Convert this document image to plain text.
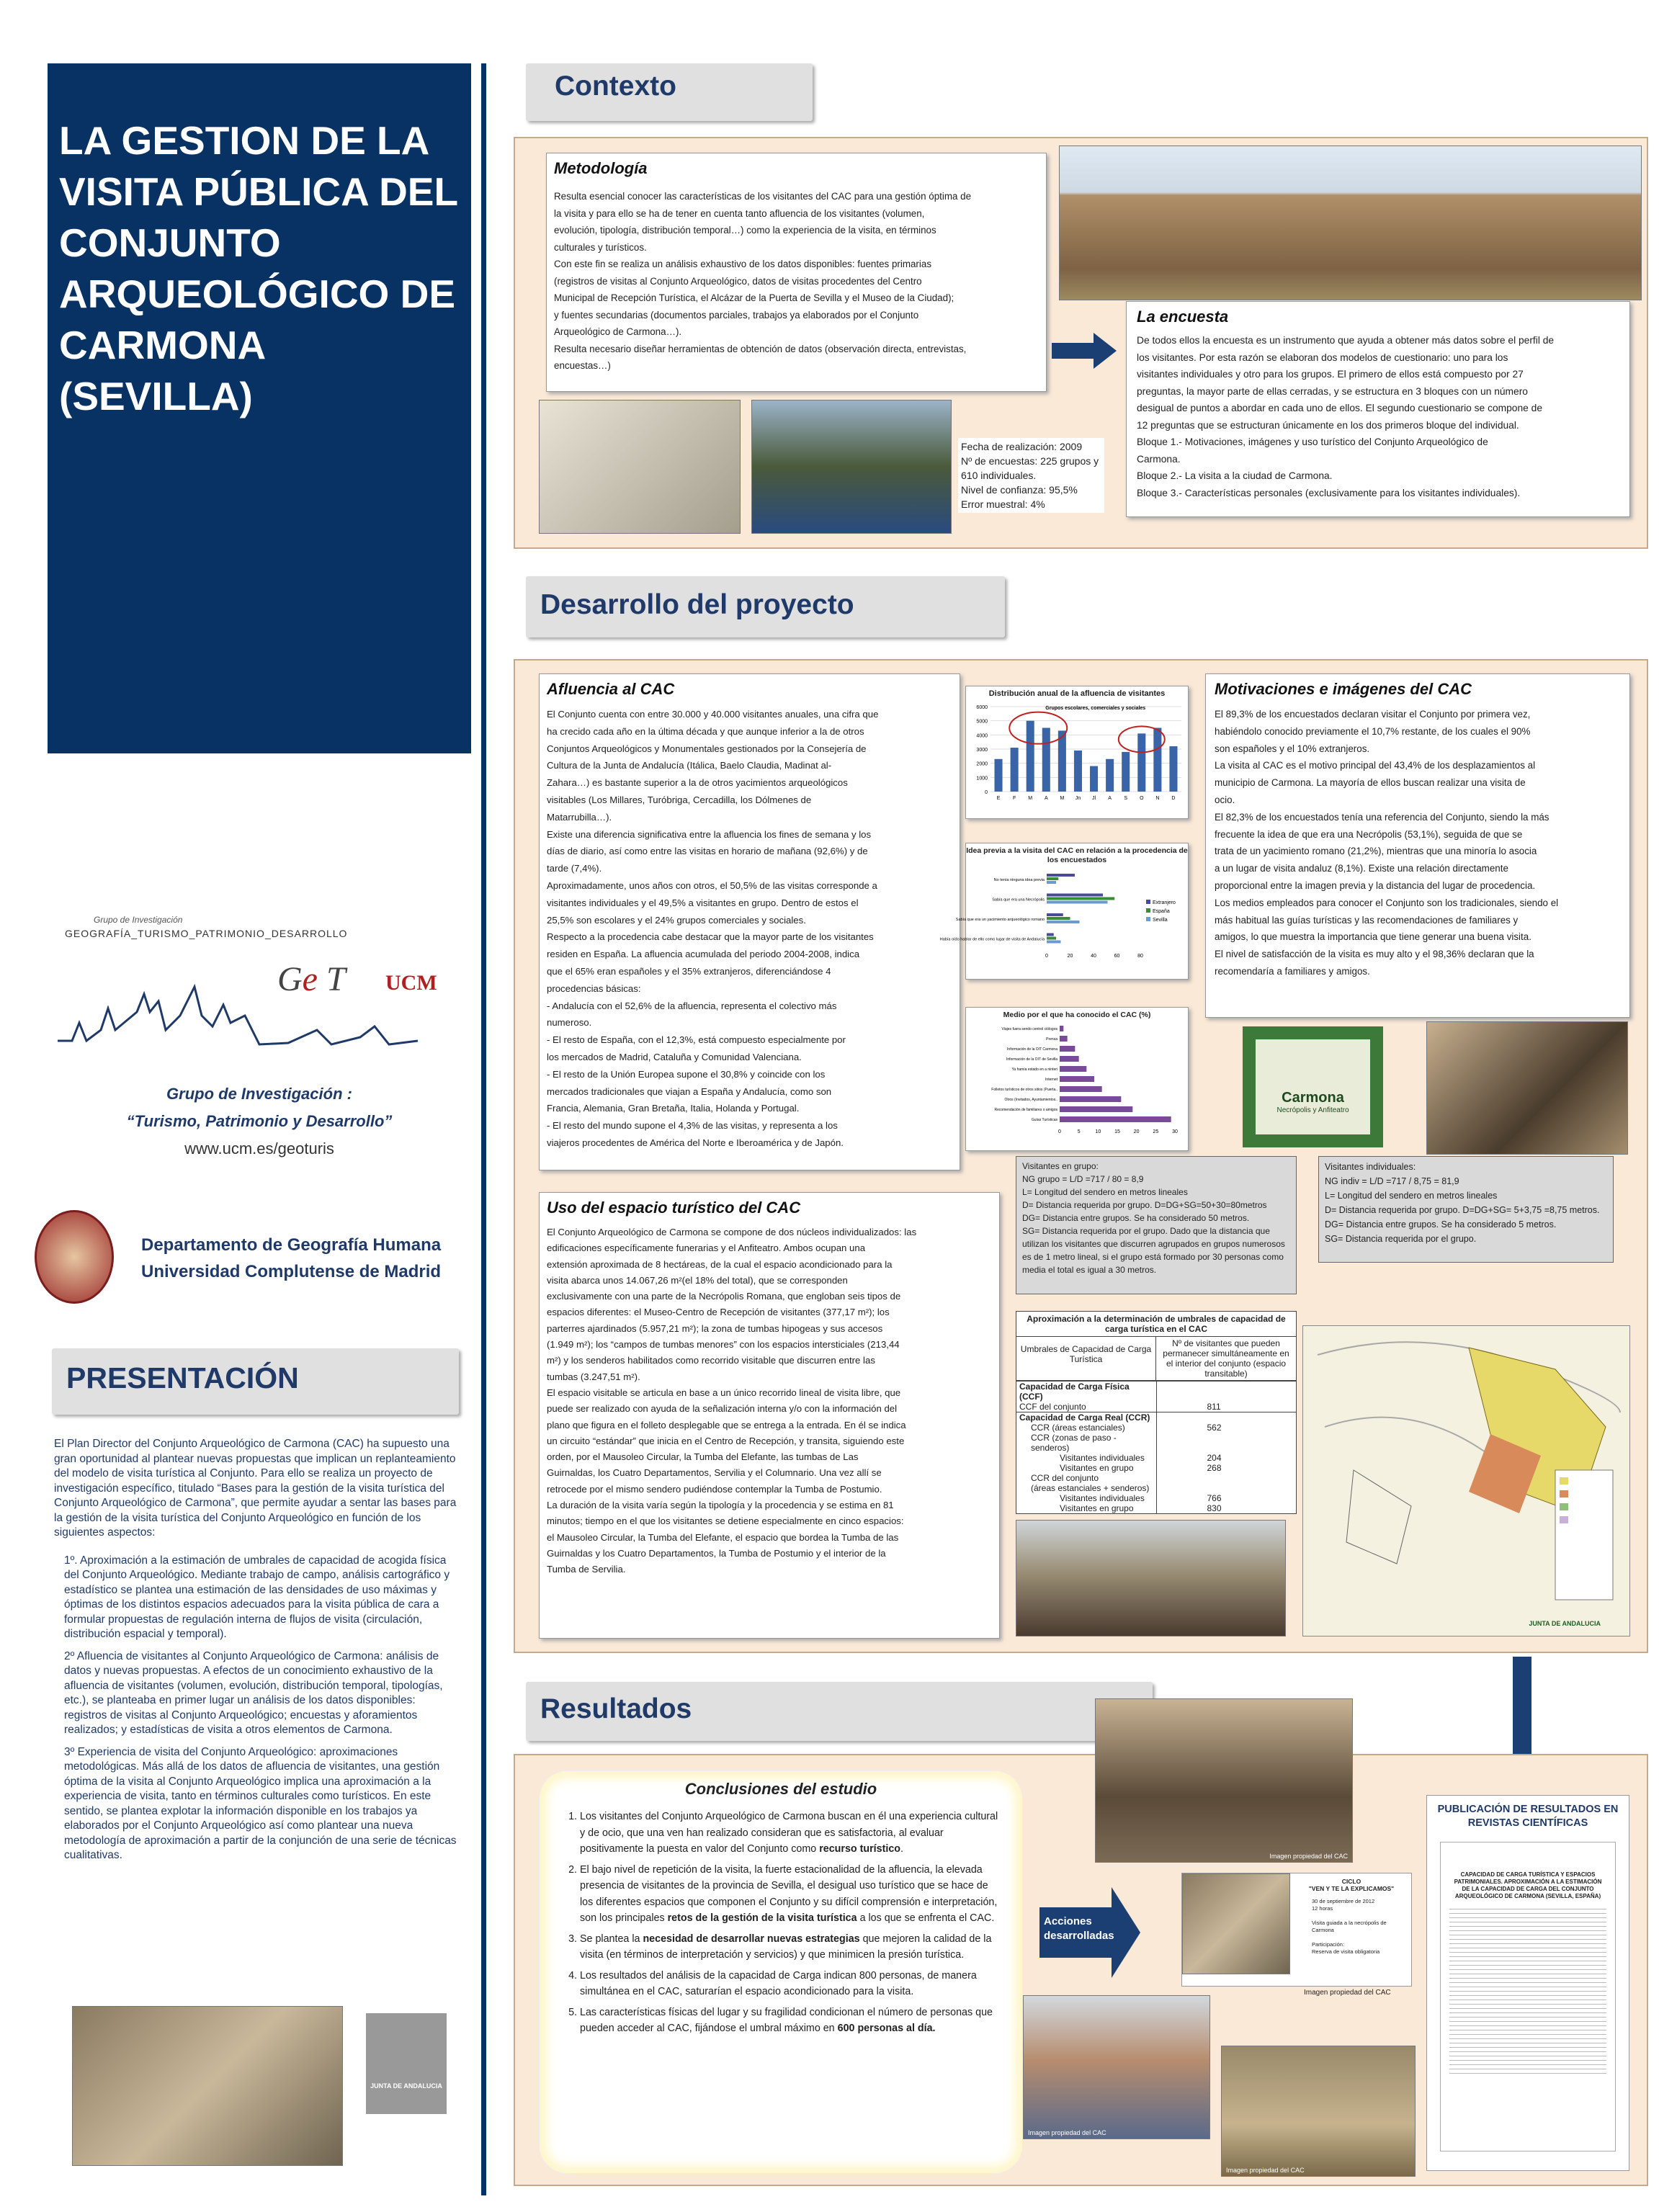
LA GESTION DE LA VISITA PÚBLICA DEL CONJUNTO ARQUEOLÓGICO DE CARMONA (SEVILLA)
Grupo de Investigación
GEOGRAFÍA_TURISMO_PATRIMONIO_DESARROLLO
UCM
Ge T
Grupo de Investigación :
“Turismo, Patrimonio y Desarrollo”
www.ucm.es/geoturis
Departamento de Geografía Humana
Universidad Complutense de Madrid
PRESENTACIÓN

El Plan Director del Conjunto Arqueológico de Carmona (CAC) ha supuesto una gran oportunidad al plantear nuevas propuestas que implican un replanteamiento del modelo de visita turística al Conjunto. Para ello se realiza un proyecto de investigación específico, titulado “Bases para la gestión de la visita turística del Conjunto Arqueológico de Carmona”, que permite ayudar a sentar las bases para la gestión de la visita turística del Conjunto Arqueológico en función de los siguientes aspectos:

1º. Aproximación a la estimación de umbrales de capacidad de acogida física del Conjunto Arqueológico. Mediante trabajo de campo, análisis cartográfico y estadístico se plantea una estimación de las densidades de uso máximas y óptimas de los distintos espacios adecuados para la visita pública de cara a formular propuestas de regulación interna de flujos de visita (circulación, distribución espacial y temporal).

2º Afluencia de visitantes al Conjunto Arqueológico de Carmona: análisis de datos y nuevas propuestas. A efectos de un conocimiento exhaustivo de la afluencia de visitantes (volumen, evolución, distribución temporal, tipologías, etc.), se planteaba en primer lugar un análisis de los datos disponibles: registros de visitas al Conjunto Arqueológico; encuestas y aforamientos realizados; y estadísticas de visita a otros elementos de Carmona.

3º Experiencia de visita del Conjunto Arqueológico: aproximaciones metodológicas. Más allá de los datos de afluencia de visitantes, una gestión óptima de la visita al Conjunto Arqueológico implica una aproximación a la experiencia de visita, tanto en términos culturales como turísticos. En este sentido, se plantea explotar la información disponible en los trabajos ya elaborados por el Conjunto Arqueológico así como plantear una nueva metodología de aproximación a partir de la conjunción de una serie de técnicas cualitativas.

JUNTA DE ANDALUCIA
Contexto
Metodología
Resulta esencial conocer las características de los visitantes del CAC para una gestión óptima de
la visita y para ello se ha de tener en cuenta tanto afluencia de los visitantes (volumen,
evolución, tipología, distribución temporal…) como la experiencia de la visita, en términos
culturales y turísticos.
Con este fin se realiza un análisis exhaustivo de los datos disponibles: fuentes primarias
(registros de visitas al Conjunto Arqueológico, datos de visitas procedentes del Centro
Municipal de Recepción Turística, el Alcázar de la Puerta de Sevilla y el Museo de la Ciudad);
y fuentes secundarias (documentos parciales, trabajos ya elaborados por el Conjunto
Arqueológico de Carmona…).
Resulta necesario diseñar herramientas de obtención de datos (observación directa, entrevistas,
encuestas…)
Fecha de realización: 2009
Nº de encuestas: 225 grupos y 610 individuales.
Nivel de confianza: 95,5%
Error muestral: 4%
La encuesta
De todos ellos la encuesta es un instrumento que ayuda a obtener más datos sobre el perfil de
los visitantes. Por esta razón se elaboran dos modelos de cuestionario: uno para los
visitantes individuales y otro para los grupos. El primero de ellos está compuesto por 27
preguntas, la mayor parte de ellas cerradas, y se estructura en 3 bloques con un número
desigual de puntos a abordar en cada uno de ellos. El segundo cuestionario se compone de
12 preguntas que se estructuran únicamente en los dos primeros bloque del individual.
Bloque 1.- Motivaciones, imágenes y uso turístico del Conjunto Arqueológico de
Carmona.
Bloque 2.- La visita a la ciudad de Carmona.
Bloque 3.- Características personales (exclusivamente para los visitantes individuales).
Desarrollo del proyecto
Afluencia al CAC
El Conjunto cuenta con entre 30.000 y 40.000 visitantes anuales, una cifra que
ha crecido cada año en la última década y que aunque inferior a la de otros
Conjuntos Arqueológicos y Monumentales gestionados por la Consejería de
Cultura de la Junta de Andalucía (Itálica, Baelo Claudia, Madinat al-
Zahara…) es bastante superior a la de otros yacimientos arqueológicos
visitables (Los Millares, Turóbriga, Cercadilla, los Dólmenes de
Matarrubilla…).
Existe una diferencia significativa entre la afluencia los fines de semana y los
días de diario, así como entre las visitas en horario de mañana (92,6%) y de
tarde (7,4%).
Aproximadamente, unos años con otros, el 50,5% de las visitas corresponde a
visitantes individuales y el 49,5% a visitantes en grupo. Dentro de estos el
25,5% son escolares y el 24% grupos comerciales y sociales.
Respecto a la procedencia cabe destacar que la mayor parte de los visitantes
residen en España. La afluencia acumulada del periodo 2004-2008, indica
que el 65% eran españoles y el 35% extranjeros, diferenciándose 4
procedencias básicas:
- Andalucía con el 52,6% de la afluencia, representa el colectivo más
numeroso.
- El resto de España, con el 12,3%, está compuesto especialmente por
los mercados de Madrid, Cataluña y Comunidad Valenciana.
- El resto de la Unión Europea supone el 30,8% y coincide con los
mercados tradicionales que viajan a España y Andalucía, como son
Francia, Alemania, Gran Bretaña, Italia, Holanda y Portugal.
- El resto del mundo supone el 4,3% de las visitas, y representa a los
viajeros procedentes de América del Norte e Iberoamérica y de Japón.
Distribución anual de la afluencia de visitantes
0
1000
2000
3000
4000
5000
6000
E	F M A M Jn Jl A S O N D
Grupos escolares, comerciales y sociales
Idea previa a la visita del CAC en relación a la procedencia de los encuestados
0	20	40	60	80
No tenía ninguna idea previa
Sabía que era una Necrópolis
Sabía que era un yacimiento arqueológico romano
Había oído hablar de ello como lugar de visita de Andalucía
Extranjero
España
Sevilla
Medio por el que ha conocido el CAC (%)
0	5	10	15	20	25	30
Viajes fuera sendo centrol ciólogos
Prensa
Información de la OIT Carmona
Información de la OIT de Sevilla
Ya hamía estado en a ninteri
Internet
Folletos turísticos de otros sitios (Puerta..
Otros (Invitados, Ayuntamientos..
Recomendación de familiares o amigos
Guías Turísticas
Motivaciones e imágenes del CAC
El 89,3% de los encuestados declaran visitar el Conjunto por primera vez,
habiéndolo conocido previamente el 10,7% restante, de los cuales el 90%
son españoles y el 10% extranjeros.
La visita al CAC es el motivo principal del 43,4% de los desplazamientos al
municipio de Carmona. La mayoría de ellos buscan realizar una visita de
ocio.
El 82,3% de los encuestados tenía una referencia del Conjunto, siendo la más
frecuente la idea de que era una Necrópolis (53,1%), seguida de que se
trata de un yacimiento romano (21,2%), mientras que una minoría lo asocia
a un lugar de visita andaluz (8,1%). Existe una relación directamente
proporcional entre la imagen previa y la distancia del lugar de procedencia.
Los medios empleados para conocer el Conjunto son los tradicionales, siendo el
más habitual las guías turísticas y las recomendaciones de familiares y
amigos, lo que muestra la importancia que tiene generar una buena visita.
El nivel de satisfacción de la visita es muy alto y el 98,36% declaran que la
recomendaría a familiares y amigos.
Carmona
Necrópolis y Anfiteatro
Uso del espacio turístico del CAC
El Conjunto Arqueológico de Carmona se compone de dos núcleos individualizados: las
edificaciones específicamente funerarias y el Anfiteatro. Ambos ocupan una
extensión aproximada de 8 hectáreas, de la cual el espacio acondicionado para la
visita abarca unos 14.067,26 m²(el 18% del total), que se corresponden
exclusivamente con una parte de la Necrópolis Romana, que engloban seis tipos de
espacios diferentes: el Museo-Centro de Recepción de visitantes (377,17 m²); los
parterres ajardinados (5.957,21 m²); la zona de tumbas hipogeas y sus accesos
(1.949 m²); los “campos de tumbas menores” con los espacios intersticiales (213,44
m²) y los senderos habilitados como recorrido visitable que discurren entre las
tumbas (3.247,51 m²).
El espacio visitable se articula en base a un único recorrido lineal de visita libre, que
puede ser realizado con ayuda de la señalización interna y/o con la información del
plano que figura en el folleto desplegable que se entrega a la entrada. En él se indica
un circuito “estándar” que inicia en el Centro de Recepción, y transita, siguiendo este
orden, por el Mausoleo Circular, la Tumba del Elefante, las tumbas de Las
Guirnaldas, los Cuatro Departamentos, Servilia y el Columnario. Una vez allí se
retrocede por el mismo sendero pudiéndose contemplar la Tumba de Postumio.
La duración de la visita varía según la tipología y la procedencia y se estima en 81
minutos; tiempo en el que los visitantes se detiene especialmente en cinco espacios:
el Mausoleo Circular, la Tumba del Elefante, el espacio que bordea la Tumba de las
Guirnaldas y los Cuatro Departamentos, la Tumba de Postumio y el interior de la
Tumba de Servilia.
Visitantes en grupo:
NG grupo = L/D =717 / 80 = 8,9
L= Longitud del sendero en metros lineales
D= Distancia requerida por grupo. D=DG+SG=50+30=80metros
DG= Distancia entre grupos. Se ha considerado 50 metros.
SG= Distancia requerida por el grupo. Dado que la distancia que utilizan los visitantes que discurren agrupados en grupos numerosos es de 1 metro lineal, si el grupo está formado por 30 personas como media el total es igual a 30 metros.
Visitantes individuales:
NG indiv = L/D =717 / 8,75 = 81,9
L= Longitud del sendero en metros lineales
D= Distancia requerida por grupo. D=DG+SG= 5+3,75 =8,75 metros.
DG= Distancia entre grupos. Se ha considerado 5 metros.
SG= Distancia requerida por el grupo.
Aproximación a la determinación de umbrales de capacidad de carga turística en el CAC
Umbrales de Capacidad de Carga Turística
Nº de visitantes que pueden permanecer simultáneamente en el interior del conjunto (espacio transitable)
Capacidad de Carga Física (CCF)	
CCF del conjunto	811
Capacidad de Carga Real (CCR)	
CCR (áreas estanciales)	562
CCR (zonas de paso - senderos)	
Visitantes individuales	204
Visitantes en grupo	268
CCR del conjunto	
(áreas estanciales + senderos)	
Visitantes individuales	766
Visitantes en grupo	830
JUNTA DE ANDALUCIA
Resultados
Conclusiones del estudio
1. Los visitantes del Conjunto Arqueológico de Carmona buscan en él una experiencia cultural y de ocio, que una ven han realizado consideran que es satisfactoria, al evaluar positivamente la puesta en valor del Conjunto como recurso turístico.
2. El bajo nivel de repetición de la visita, la fuerte estacionalidad de la afluencia, la elevada presencia de visitantes de la provincia de Sevilla, el desigual uso turístico que se hace de los diferentes espacios que componen el Conjunto y su difícil comprensión e interpretación, son los principales retos de la gestión de la visita turística a los que se enfrenta el CAC.
3. Se plantea la necesidad de desarrollar nuevas estrategias que mejoren la calidad de la visita (en términos de interpretación y servicios) y que minimicen la presión turística.
4. Los resultados del análisis de la capacidad de Carga indican 800 personas, de manera simultánea en el CAC, saturarían el espacio acondicionado para la visita.
5. Las características físicas del lugar y su fragilidad condicionan el número de personas que pueden acceder al CAC, fijándose el umbral máximo en 600 personas al día.
Acciones desarrolladas
Imagen propiedad del CAC
CICLO
"VEN Y TE LA EXPLICAMOS"
30 de septiembre de 2012
12 horas

Visita guiada a la necrópolis de Carmona

Participación:
Reserva de visita obligatoria
Imagen propiedad del CAC
Imagen propiedad del CAC
Imagen propiedad del CAC
PUBLICACIÓN DE RESULTADOS EN REVISTAS CIENTÍFICAS
CAPACIDAD DE CARGA TURÍSTICA Y ESPACIOS PATRIMONIALES. APROXIMACIÓN A LA ESTIMACIÓN DE LA CAPACIDAD DE CARGA DEL CONJUNTO ARQUEOLÓGICO DE CARMONA (SEVILLA, ESPAÑA)
